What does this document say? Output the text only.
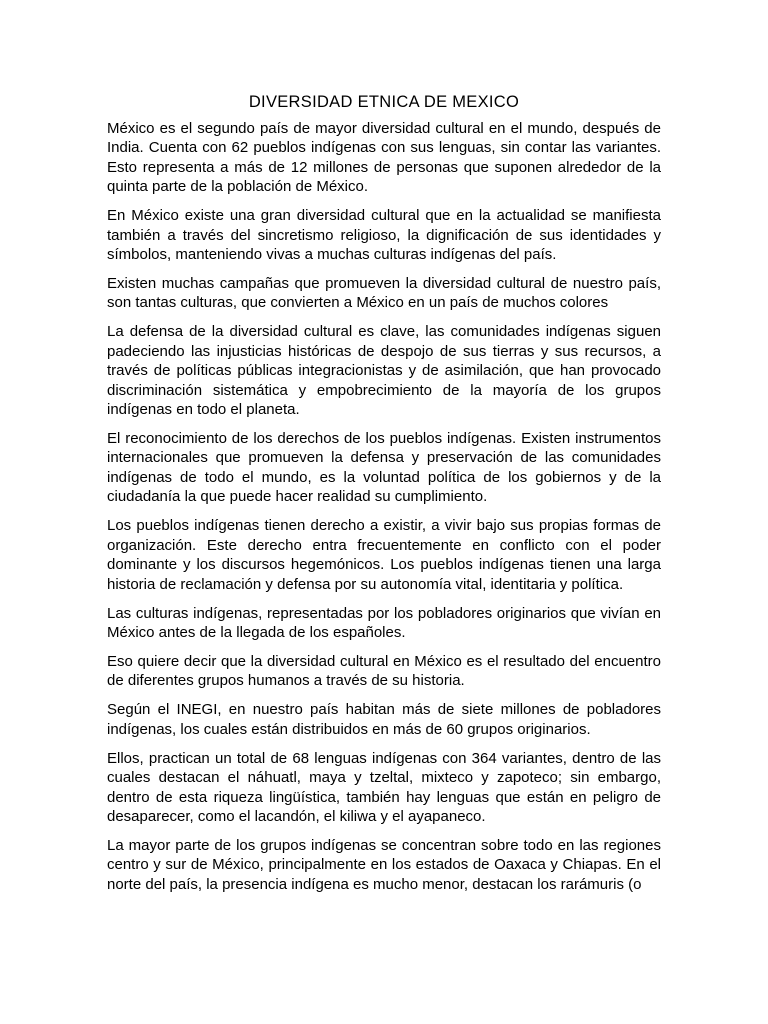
DIVERSIDAD ETNICA DE MEXICO

México es el segundo país de mayor diversidad cultural en el mundo, después de India. Cuenta con 62 pueblos indígenas con sus lenguas, sin contar las variantes. Esto representa a más de 12 millones de personas que suponen alrededor de la quinta parte de la población de México.

En México existe una gran diversidad cultural que en la actualidad se manifiesta también a través del sincretismo religioso, la dignificación de sus identidades y símbolos, manteniendo vivas a muchas culturas indígenas del país.

Existen muchas campañas que promueven la diversidad cultural de nuestro país, son tantas culturas, que convierten a México en un país de muchos colores

La defensa de la diversidad cultural es clave, las comunidades indígenas siguen padeciendo las injusticias históricas de despojo de sus tierras y sus recursos, a través de políticas públicas integracionistas y de asimilación, que han provocado discriminación sistemática y empobrecimiento de la mayoría de los grupos indígenas en todo el planeta.

El reconocimiento de los derechos de los pueblos indígenas. Existen instrumentos internacionales que promueven la defensa y preservación de las comunidades indígenas de todo el mundo, es la voluntad política de los gobiernos y de la ciudadanía la que puede hacer realidad su cumplimiento.

Los pueblos indígenas tienen derecho a existir, a vivir bajo sus propias formas de organización. Este derecho entra frecuentemente en conflicto con el poder dominante y los discursos hegemónicos. Los pueblos indígenas tienen una larga historia de reclamación y defensa por su autonomía vital, identitaria y política.

Las culturas indígenas, representadas por los pobladores originarios que vivían en México antes de la llegada de los españoles.

Eso quiere decir que la diversidad cultural en México es el resultado del encuentro de diferentes grupos humanos a través de su historia.

Según el INEGI, en nuestro país habitan más de siete millones de pobladores indígenas, los cuales están distribuidos en más de 60 grupos originarios.

Ellos, practican un total de 68 lenguas indígenas con 364 variantes, dentro de las cuales destacan el náhuatl, maya y tzeltal, mixteco y zapoteco; sin embargo, dentro de esta riqueza lingüística, también hay lenguas que están en peligro de desaparecer, como el lacandón, el kiliwa y el ayapaneco.

La mayor parte de los grupos indígenas se concentran sobre todo en las regiones centro y sur de México, principalmente en los estados de Oaxaca y Chiapas. En el norte del país, la presencia indígena es mucho menor, destacan los rarámuris (o
